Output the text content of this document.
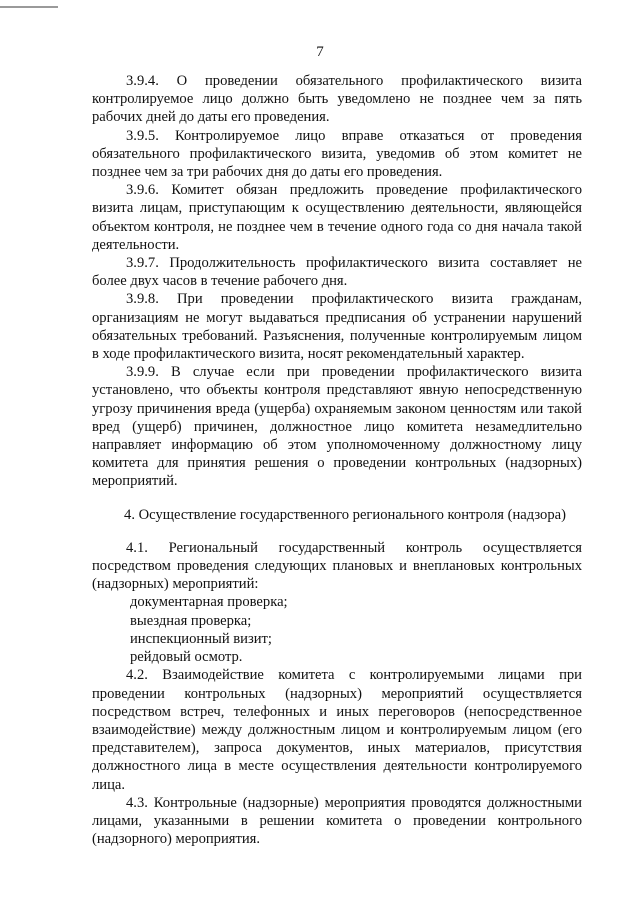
7

3.9.4. О проведении обязательного профилактического визита контролируемое лицо должно быть уведомлено не позднее чем за пять рабочих дней до даты его проведения.

3.9.5. Контролируемое лицо вправе отказаться от проведения обязательного профилактического визита, уведомив об этом комитет не позднее чем за три рабочих дня до даты его проведения.

3.9.6. Комитет обязан предложить проведение профилактического визита лицам, приступающим к осуществлению деятельности, являющейся объектом контроля, не позднее чем в течение одного года со дня начала такой деятельности.

3.9.7. Продолжительность профилактического визита составляет не более двух часов в течение рабочего дня.

3.9.8. При проведении профилактического визита гражданам, организациям не могут выдаваться предписания об устранении нарушений обязательных требований. Разъяснения, полученные контролируемым лицом в ходе профилактического визита, носят рекомендательный характер.

3.9.9. В случае если при проведении профилактического визита установлено, что объекты контроля представляют явную непосредственную угрозу причинения вреда (ущерба) охраняемым законом ценностям или такой вред (ущерб) причинен, должностное лицо комитета незамедлительно направляет информацию об этом уполномоченному должностному лицу комитета для принятия решения о проведении контрольных (надзорных) мероприятий.

4. Осуществление государственного регионального контроля (надзора)

4.1. Региональный государственный контроль осуществляется посредством проведения следующих плановых и внеплановых контрольных (надзорных) мероприятий:

документарная проверка;
выездная проверка;
инспекционный визит;
рейдовый осмотр.

4.2. Взаимодействие комитета с контролируемыми лицами при проведении контрольных (надзорных) мероприятий осуществляется посредством встреч, телефонных и иных переговоров (непосредственное взаимодействие) между должностным лицом и контролируемым лицом (его представителем), запроса документов, иных материалов, присутствия должностного лица в месте осуществления деятельности контролируемого лица.

4.3. Контрольные (надзорные) мероприятия проводятся должностными лицами, указанными в решении комитета о проведении контрольного (надзорного) мероприятия.
